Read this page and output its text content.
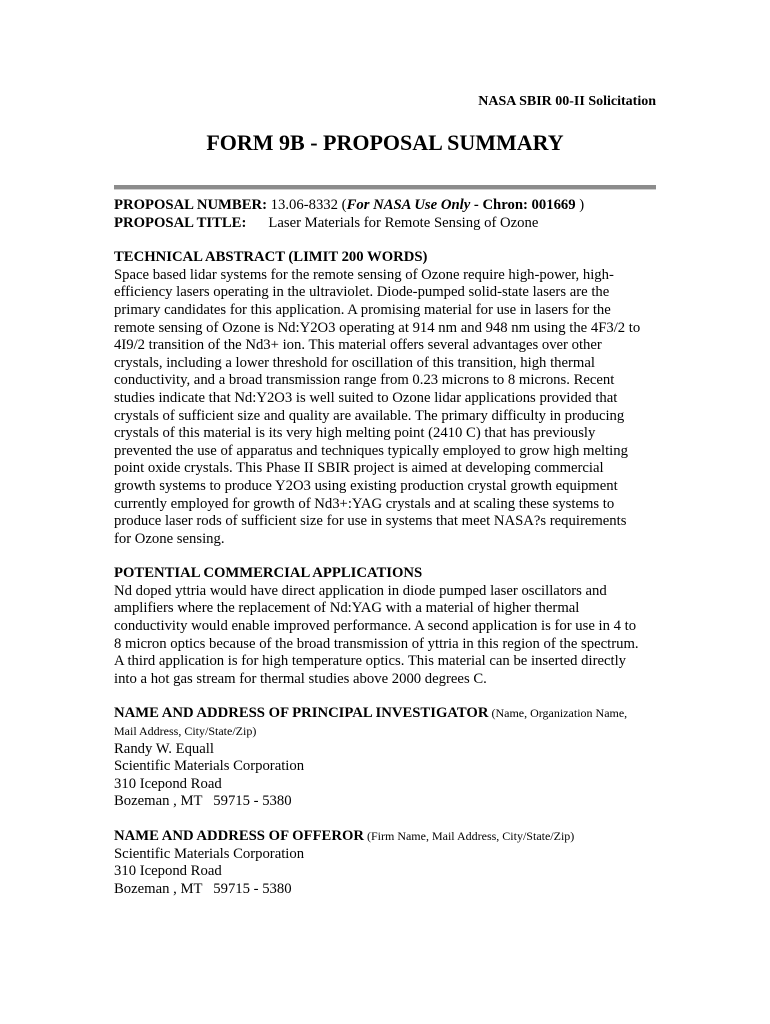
NASA SBIR 00-II Solicitation
FORM 9B - PROPOSAL SUMMARY

PROPOSAL NUMBER: 13.06-8332 (For NASA Use Only - Chron: 001669 )

PROPOSAL TITLE: Laser Materials for Remote Sensing of Ozone

TECHNICAL ABSTRACT (LIMIT 200 WORDS)
Space based lidar systems for the remote sensing of Ozone require high-power, high-
efficiency lasers operating in the ultraviolet. Diode-pumped solid-state lasers are the
primary candidates for this application. A promising material for use in lasers for the
remote sensing of Ozone is Nd:Y2O3 operating at 914 nm and 948 nm using the 4F3/2 to
4I9/2 transition of the Nd3+ ion. This material offers several advantages over other
crystals, including a lower threshold for oscillation of this transition, high thermal
conductivity, and a broad transmission range from 0.23 microns to 8 microns. Recent
studies indicate that Nd:Y2O3 is well suited to Ozone lidar applications provided that
crystals of sufficient size and quality are available. The primary difficulty in producing
crystals of this material is its very high melting point (2410 C) that has previously
prevented the use of apparatus and techniques typically employed to grow high melting
point oxide crystals. This Phase II SBIR project is aimed at developing commercial
growth systems to produce Y2O3 using existing production crystal growth equipment
currently employed for growth of Nd3+:YAG crystals and at scaling these systems to
produce laser rods of sufficient size for use in systems that meet NASA?s requirements
for Ozone sensing.
POTENTIAL COMMERCIAL APPLICATIONS
Nd doped yttria would have direct application in diode pumped laser oscillators and
amplifiers where the replacement of Nd:YAG with a material of higher thermal
conductivity would enable improved performance. A second application is for use in 4 to
8 micron optics because of the broad transmission of yttria in this region of the spectrum.
A third application is for high temperature optics. This material can be inserted directly
into a hot gas stream for thermal studies above 2000 degrees C.
NAME AND ADDRESS OF PRINCIPAL INVESTIGATOR (Name, Organization Name,
Mail Address, City/State/Zip)
Randy W. Equall
Scientific Materials Corporation
310 Icepond Road
Bozeman , MT   59715 - 5380
NAME AND ADDRESS OF OFFEROR (Firm Name, Mail Address, City/State/Zip)
Scientific Materials Corporation
310 Icepond Road
Bozeman , MT   59715 - 5380
